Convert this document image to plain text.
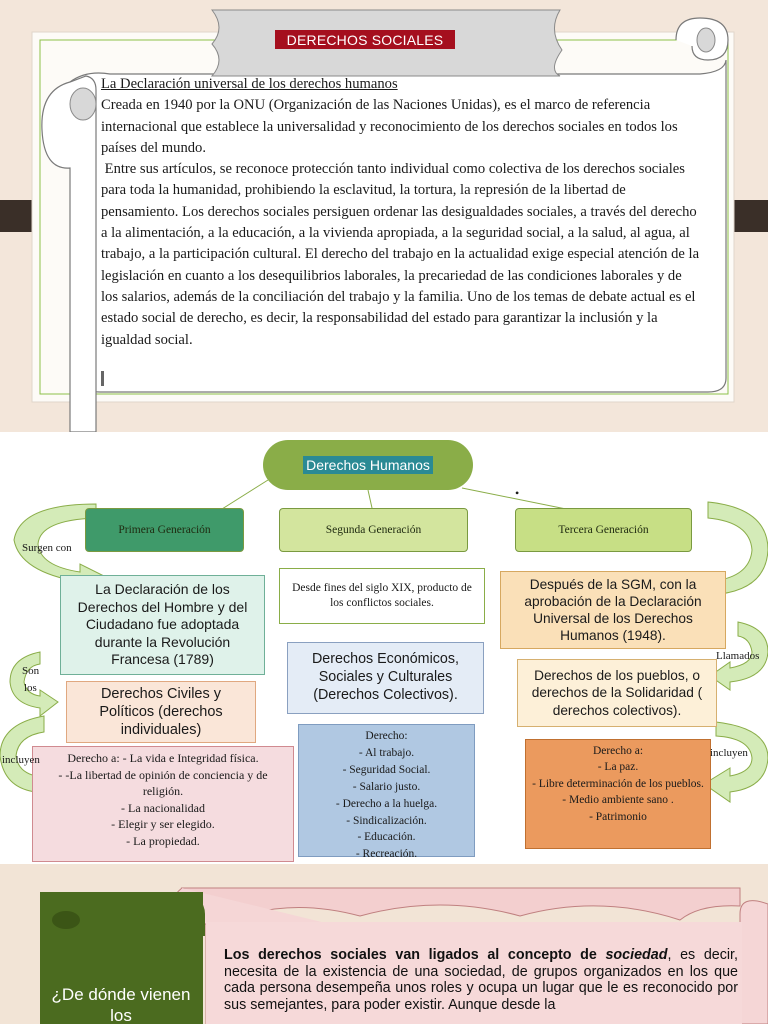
DERECHOS SOCIALES
La Declaración universal de los derechos humanos

Creada en 1940 por la ONU (Organización de las Naciones Unidas), es el marco de referencia internacional que establece la universalidad y reconocimiento de los derechos sociales en todos los países del mundo.

Entre sus artículos, se reconoce protección tanto individual como colectiva de los derechos sociales para toda la humanidad, prohibiendo la esclavitud, la tortura, la represión de la libertad de pensamiento. Los derechos sociales persiguen ordenar las desigualdades sociales, a través del derecho a la alimentación, a la educación, a la vivienda apropiada, a la seguridad social, a la salud, al agua, al trabajo, a la participación cultural. El derecho del trabajo en la actualidad exige especial atención de la legislación en cuanto a los desequilibrios laborales, la precariedad de las condiciones laborales y de los salarios, además de la conciliación del trabajo y la familia. Uno de los temas de debate actual es el estado social de derecho, es decir, la responsabilidad del estado para garantizar la inclusión y la igualdad social.

Derechos Humanos
•
Primera Generación	Segunda Generación	Tercera Generación
La Declaración de los Derechos del Hombre y del Ciudadano fue adoptada durante la Revolución Francesa (1789)
Derechos Civiles y Políticos (derechos individuales)
Derecho a: - La vida e Integridad física.
- -La libertad de opinión de conciencia y de religión.
- La nacionalidad
- Elegir y ser elegido.
- La propiedad.
Desde fines del siglo XIX, producto de los conflictos sociales.
Derechos Económicos, Sociales y Culturales (Derechos Colectivos).
Derecho:
- Al trabajo.
- Seguridad Social.
- Salario justo.
- Derecho a la huelga.
- Sindicalización.
- Educación.
- Recreación.
Después de la SGM, con la aprobación de la Declaración Universal de los Derechos Humanos (1948).
Derechos de los pueblos, o derechos de la Solidaridad ( derechos colectivos).
Derecho a:
- La paz.
- Libre determinación de los pueblos.
- Medio ambiente sano .
- Patrimonio
Surgen con
Son
los
incluyen
Llamados
incluyen
¿De dónde vienen los
Los derechos sociales van ligados al concepto de sociedad, es decir, necesita de la existencia de una sociedad, de grupos organizados en los que cada persona desempeña unos roles y ocupa un lugar que le es reconocido por sus semejantes, para poder existir. Aunque desde la
